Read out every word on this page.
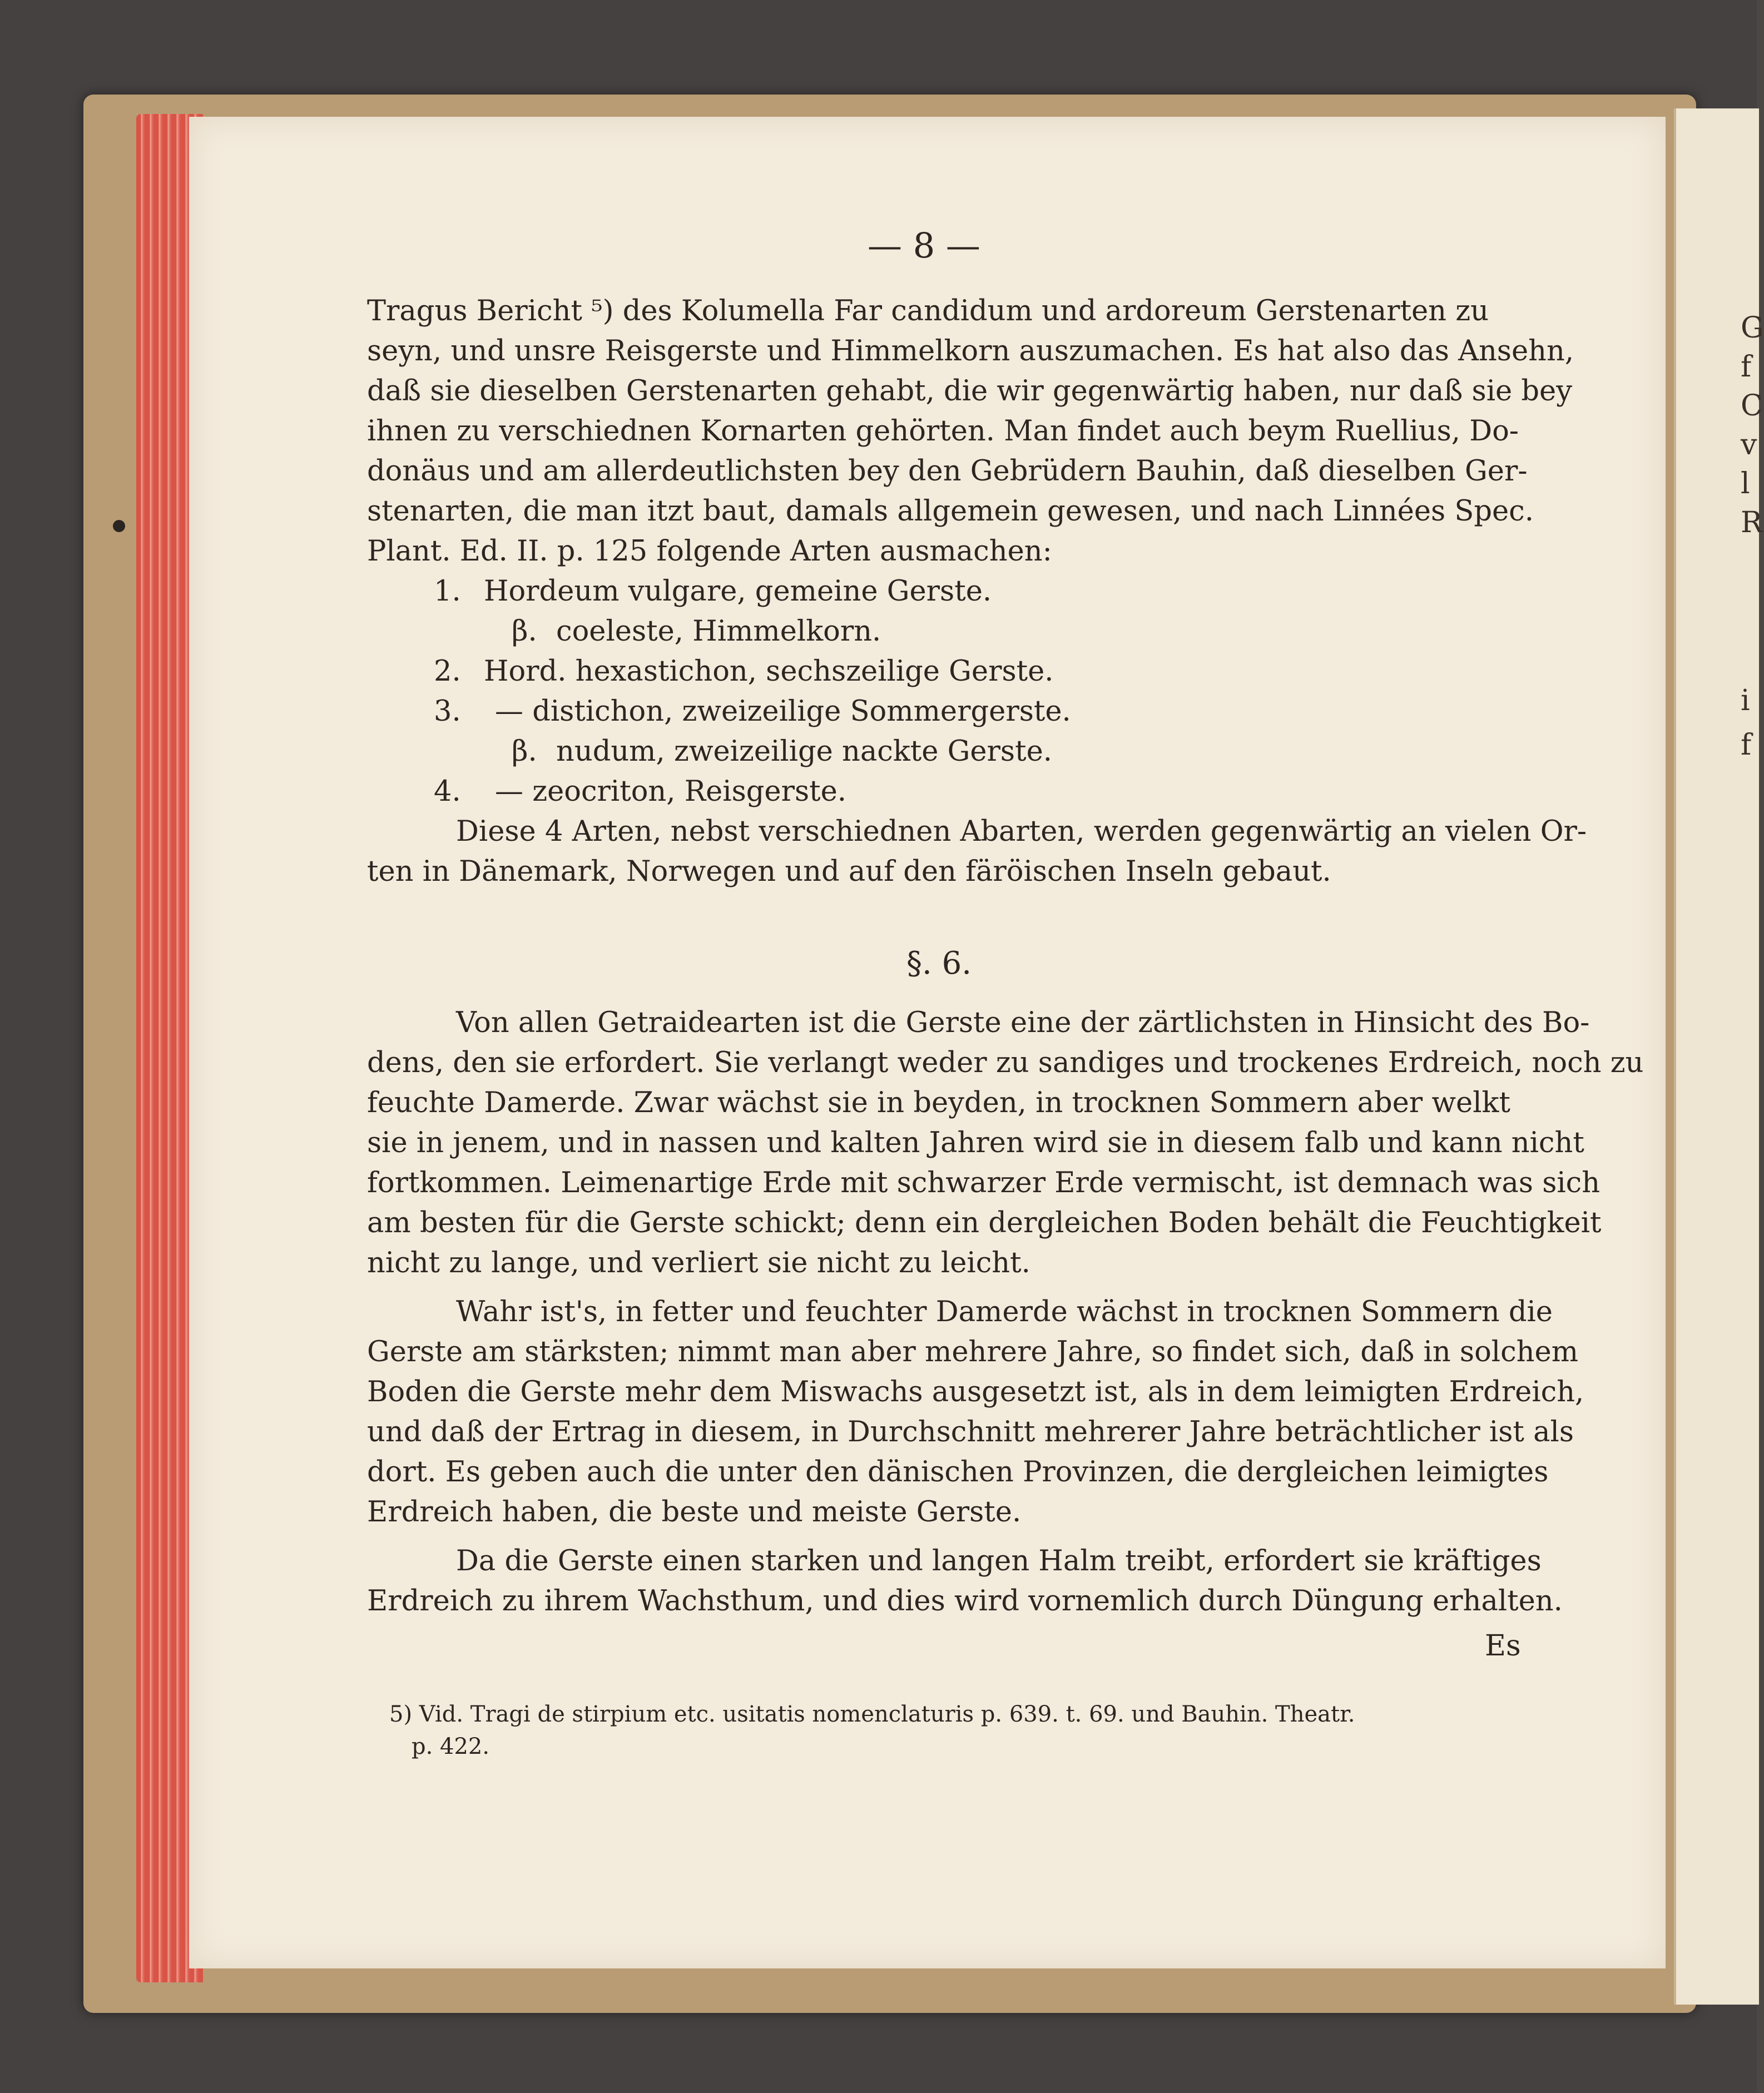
G
f
C
v
l
R
i
f
— 8 —
Tragus Bericht ⁵) des Kolumella Far candidum und ardoreum Gerstenarten zu
seyn, und unsre Reisgerste und Himmelkorn auszumachen. Es hat also das Ansehn,
daß sie dieselben Gerstenarten gehabt, die wir gegenwärtig haben, nur daß sie bey
ihnen zu verschiednen Kornarten gehörten. Man findet auch beym Ruellius, Do-
donäus und am allerdeutlichsten bey den Gebrüdern Bauhin, daß dieselben Ger-
stenarten, die man itzt baut, damals allgemein gewesen, und nach Linnées Spec.
Plant. Ed. II. p. 125 folgende Arten ausmachen:
1. Hordeum vulgare, gemeine Gerste.
β. coeleste, Himmelkorn.
2. Hord. hexastichon, sechszeilige Gerste.
3. — distichon, zweizeilige Sommergerste.
β. nudum, zweizeilige nackte Gerste.
4. — zeocriton, Reisgerste.
Diese 4 Arten, nebst verschiednen Abarten, werden gegenwärtig an vielen Or-
ten in Dänemark, Norwegen und auf den färöischen Inseln gebaut.
§. 6.
Von allen Getraidearten ist die Gerste eine der zärtlichsten in Hinsicht des Bo-
dens, den sie erfordert. Sie verlangt weder zu sandiges und trockenes Erdreich, noch zu
feuchte Damerde. Zwar wächst sie in beyden, in trocknen Sommern aber welkt
sie in jenem, und in nassen und kalten Jahren wird sie in diesem falb und kann nicht
fortkommen. Leimenartige Erde mit schwarzer Erde vermischt, ist demnach was sich
am besten für die Gerste schickt; denn ein dergleichen Boden behält die Feuchtigkeit
nicht zu lange, und verliert sie nicht zu leicht.
Wahr ist's, in fetter und feuchter Damerde wächst in trocknen Sommern die
Gerste am stärksten; nimmt man aber mehrere Jahre, so findet sich, daß in solchem
Boden die Gerste mehr dem Miswachs ausgesetzt ist, als in dem leimigten Erdreich,
und daß der Ertrag in diesem, in Durchschnitt mehrerer Jahre beträchtlicher ist als
dort. Es geben auch die unter den dänischen Provinzen, die dergleichen leimigtes
Erdreich haben, die beste und meiste Gerste.
Da die Gerste einen starken und langen Halm treibt, erfordert sie kräftiges
Erdreich zu ihrem Wachsthum, und dies wird vornemlich durch Düngung erhalten.
Es
5) Vid. Tragi de stirpium etc. usitatis nomenclaturis p. 639. t. 69. und Bauhin. Theatr.
p. 422.
